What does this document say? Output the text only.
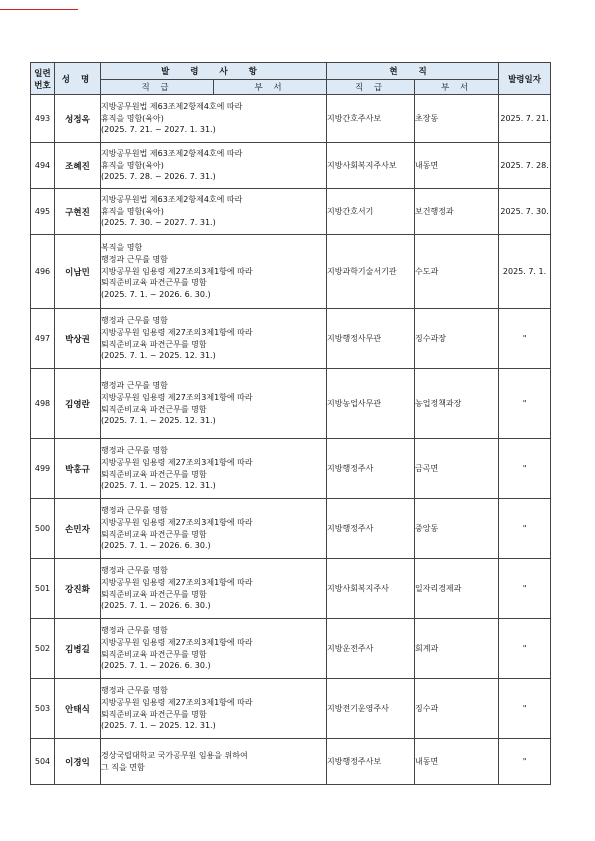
일련
번호	성 명	발 령 사 항		현 직		발령일자
		직 급	부 서	직 급	부 서	
493	성정옥	지방공무원법 제63조제2항제4호에 따라
휴직을 명함(육아)
(2025. 7. 21. ~ 2027. 1. 31.)		지방간호주사보	초장동	2025. 7. 21.
494	조혜진	지방공무원법 제63조제2항제4호에 따라
휴직을 명함(육아)
(2025. 7. 28. ~ 2026. 7. 31.)		지방사회복지주사보	내동면	2025. 7. 28.
495	구현진	지방공무원법 제63조제2항제4호에 따라
휴직을 명함(육아)
(2025. 7. 30. ~ 2027. 7. 31.)		지방간호서기	보건행정과	2025. 7. 30.
496	이남민	복직을 명함
행정과 근무를 명함
지방공무원 임용령 제27조의3제1항에 따라
퇴직준비교육 파견근무를 명함
(2025. 7. 1. ~ 2026. 6. 30.)		지방과학기술서기관	수도과	2025. 7. 1.
497	박상권	행정과 근무를 명함
지방공무원 임용령 제27조의3제1항에 따라
퇴직준비교육 파견근무를 명함
(2025. 7. 1. ~ 2025. 12. 31.)		지방행정사무관	징수과장	"
498	김영란	행정과 근무를 명함
지방공무원 임용령 제27조의3제1항에 따라
퇴직준비교육 파견근무를 명함
(2025. 7. 1. ~ 2025. 12. 31.)		지방농업사무관	농업정책과장	"
499	박홍규	행정과 근무를 명함
지방공무원 임용령 제27조의3제1항에 따라
퇴직준비교육 파견근무를 명함
(2025. 7. 1. ~ 2025. 12. 31.)		지방행정주사	금곡면	"
500	손민자	행정과 근무를 명함
지방공무원 임용령 제27조의3제1항에 따라
퇴직준비교육 파견근무를 명함
(2025. 7. 1. ~ 2026. 6. 30.)		지방행정주사	중앙동	"
501	강진화	행정과 근무를 명함
지방공무원 임용령 제27조의3제1항에 따라
퇴직준비교육 파견근무를 명함
(2025. 7. 1. ~ 2026. 6. 30.)		지방사회복지주사	일자리경제과	"
502	김병길	행정과 근무를 명함
지방공무원 임용령 제27조의3제1항에 따라
퇴직준비교육 파견근무를 명함
(2025. 7. 1. ~ 2026. 6. 30.)		지방운전주사	회계과	"
503	안태식	행정과 근무를 명함
지방공무원 임용령 제27조의3제1항에 따라
퇴직준비교육 파견근무를 명함
(2025. 7. 1. ~ 2025. 12. 31.)		지방전기운영주사	징수과	"
504	이경익	경상국립대학교 국가공무원 임용을 위하여
그 직을 면함		지방행정주사보	내동면	"
